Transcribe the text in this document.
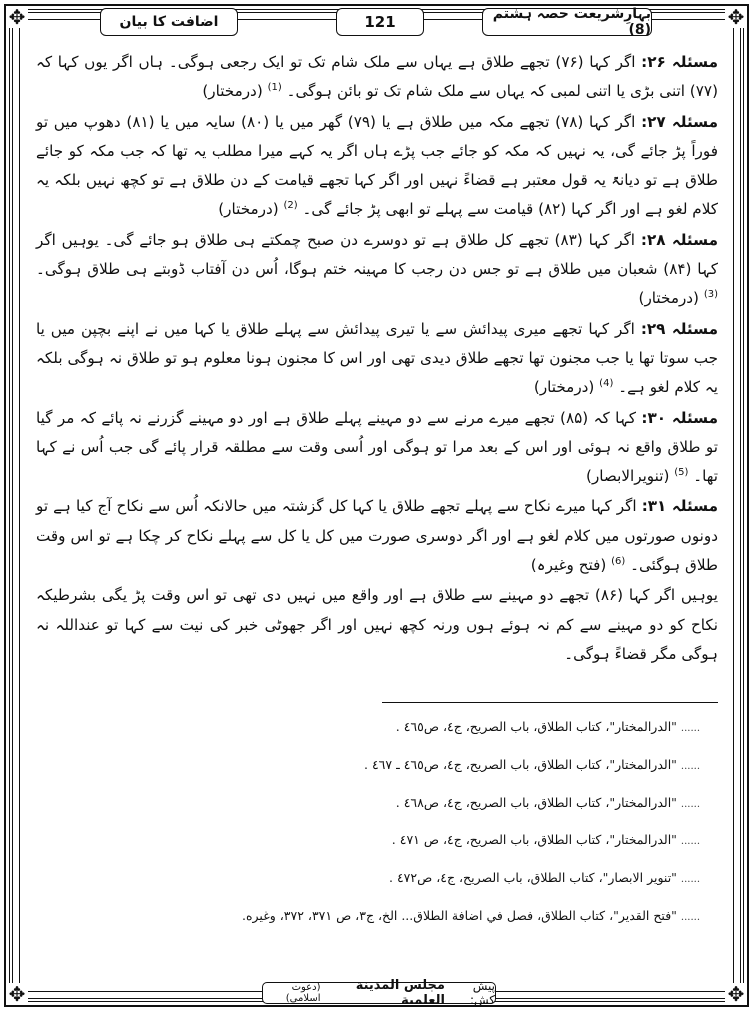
✥	✥
✥	✥
بہارِشریعت حصہ ہشتم (8)
121
اضافت کا بیان

مسئلہ ۲۶: اگر کہا (۷۶) تجھے طلاق ہے یہاں سے ملک شام تک تو ایک رجعی ہوگی۔ ہاں اگر یوں کہا کہ (۷۷) اتنی بڑی یا اتنی لمبی کہ یہاں سے ملک شام تک تو بائن ہوگی۔ $^{(1)}$ (درمختار)

مسئلہ ۲۷: اگر کہا (۷۸) تجھے مکہ میں طلاق ہے یا (۷۹) گھر میں یا (۸۰) سایہ میں یا (۸۱) دھوپ میں تو فوراً پڑ جائے گی، یہ نہیں کہ مکہ کو جائے جب پڑے ہاں اگر یہ کہے میرا مطلب یہ تھا کہ جب مکہ کو جائے طلاق ہے تو دیانۃً یہ قول معتبر ہے قضاءً نہیں اور اگر کہا تجھے قیامت کے دن طلاق ہے تو کچھ نہیں بلکہ یہ کلام لغو ہے اور اگر کہا (۸۲) قیامت سے پہلے تو ابھی پڑ جائے گی۔ $^{(2)}$ (درمختار)

مسئلہ ۲۸: اگر کہا (۸۳) تجھے کل طلاق ہے تو دوسرے دن صبح چمکتے ہی طلاق ہو جائے گی۔ یوہیں اگر کہا (۸۴) شعبان میں طلاق ہے تو جس دن رجب کا مہینہ ختم ہوگا، اُس دن آفتاب ڈوبتے ہی طلاق ہوگی۔ $^{(3)}$ (درمختار)

مسئلہ ۲۹: اگر کہا تجھے میری پیدائش سے یا تیری پیدائش سے پہلے طلاق یا کہا میں نے اپنے بچپن میں یا جب سوتا تھا یا جب مجنون تھا تجھے طلاق دیدی تھی اور اس کا مجنون ہونا معلوم ہو تو طلاق نہ ہوگی بلکہ یہ کلام لغو ہے۔ $^{(4)}$ (درمختار)

مسئلہ ۳۰: کہا کہ (۸۵) تجھے میرے مرنے سے دو مہینے پہلے طلاق ہے اور دو مہینے گزرنے نہ پائے کہ مر گیا تو طلاق واقع نہ ہوئی اور اس کے بعد مرا تو ہوگی اور اُسی وقت سے مطلقہ قرار پائے گی جب اُس نے کہا تھا۔ $^{(5)}$ (تنویرالابصار)

مسئلہ ۳۱: اگر کہا میرے نکاح سے پہلے تجھے طلاق یا کہا کل گزشتہ میں حالانکہ اُس سے نکاح آج کیا ہے تو دونوں صورتوں میں کلام لغو ہے اور اگر دوسری صورت میں کل یا کل سے پہلے نکاح کر چکا ہے تو اس وقت طلاق ہوگئی۔ $^{(6)}$ (فتح وغیرہ)

یوہیں اگر کہا (۸۶) تجھے دو مہینے سے طلاق ہے اور واقع میں نہیں دی تھی تو اس وقت پڑ یگی بشرطیکہ نکاح کو دو مہینے سے کم نہ ہوئے ہوں ورنہ کچھ نہیں اور اگر جھوٹی خبر کی نیت سے کہا تو عنداللہ نہ ہوگی مگر قضاءً ہوگی۔

...... "الدرالمختار"، كتاب الطلاق، باب الصريح، ج٤، ص٤٦٥ .
...... "الدرالمختار"، كتاب الطلاق، باب الصريح، ج٤، ص٤٦٥ ـ ٤٦٧ .
...... "الدرالمختار"، كتاب الطلاق، باب الصريح، ج٤، ص٤٦٨ .
...... "الدرالمختار"، كتاب الطلاق، باب الصريح، ج٤، ص ٤٧١ .
...... "تنوير الابصار"، كتاب الطلاق، باب الصريح، ج٤، ص٤٧٢ .
...... "فتح القدير"، كتاب الطلاق، فصل في اضافة الطلاق... الخ، ج٣، ص ٣٧١، ٣٧٢، وغيره.
پیش کش:
مجلس المدينة العلمية
(دعوت اسلامی)
